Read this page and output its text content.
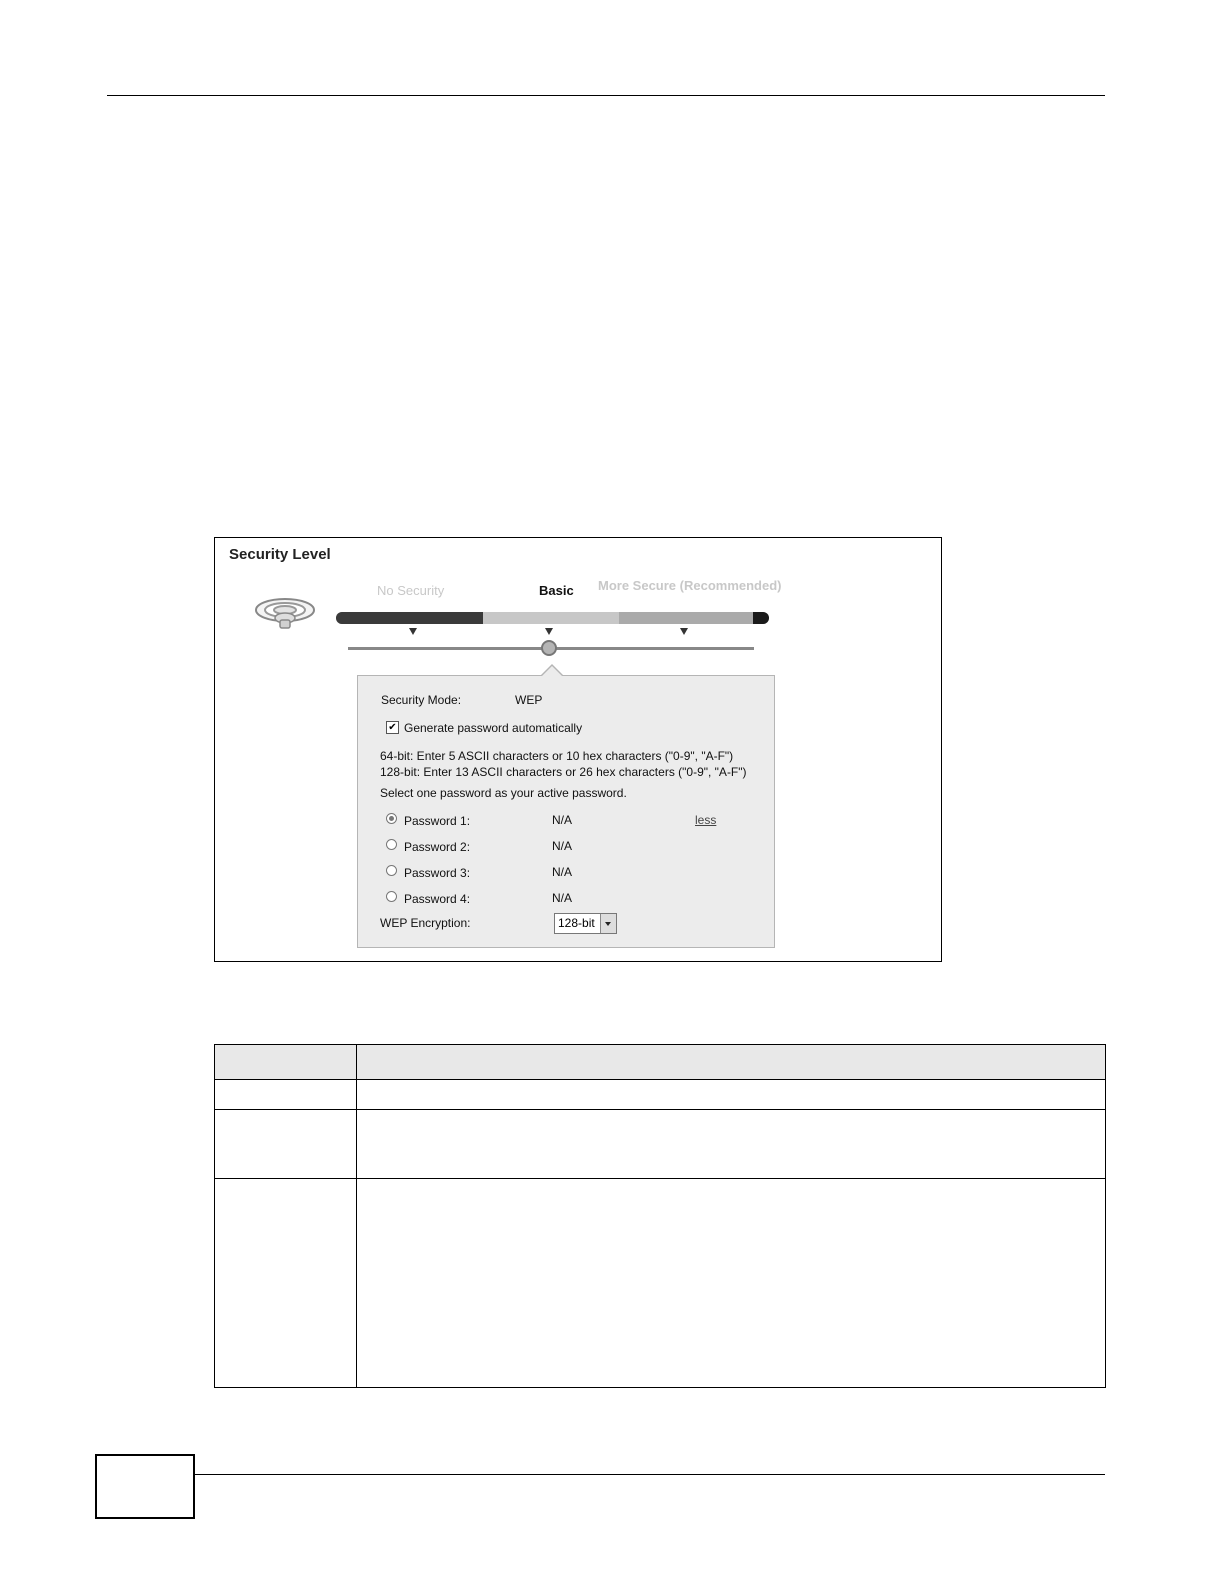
Security Level
No Security	Basic More Secure (Recommended)
Security Mode:	WEP
✔ Generate password automatically
64-bit: Enter 5 ASCII characters or 10 hex characters ("0-9", "A-F")
128-bit: Enter 13 ASCII characters or 26 hex characters ("0-9", "A-F")
Select one password as your active password.
Password 1:	N/A	less
Password 2:	N/A
Password 3:	N/A
Password 4:	N/A
WEP Encryption:	128-bit
